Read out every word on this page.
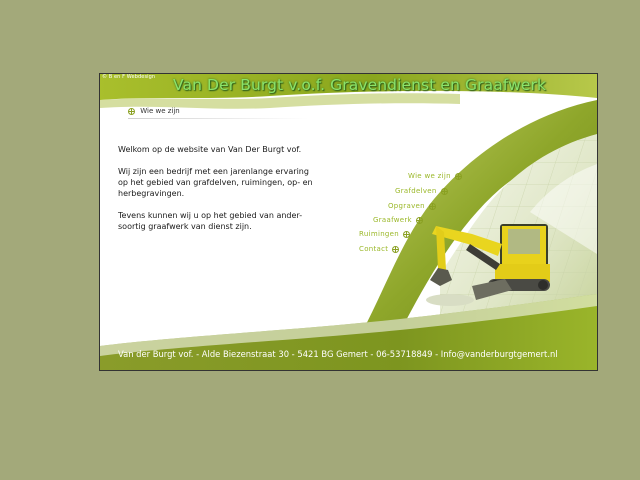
© B en F Webdesign Van Der Burgt v.o.f. Gravendienst en Graafwerk
Wie we zijn

Welkom op de website van Van Der Burgt vof.

Wij zijn een bedrijf met een jarenlange ervaring op het gebied van grafdelven, ruimingen, op- en herbegravingen.

Tevens kunnen wij u op het gebied van ander- soortig graafwerk van dienst zijn.

Wie we zijn
Grafdelven
Opgraven
Graafwerk
Ruimingen
Contact
Van der Burgt vof. - Alde Biezenstraat 30 - 5421 BG Gemert - 06-53718849 - Info@vanderburgtgemert.nl
